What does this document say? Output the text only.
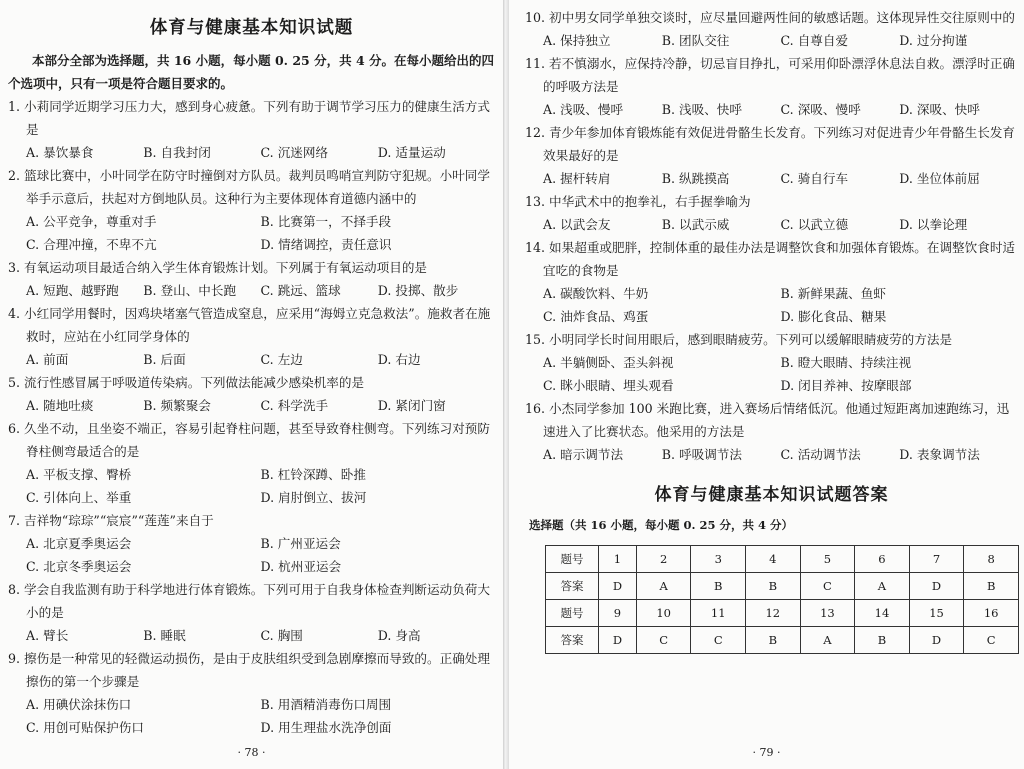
体育与健康基本知识试题

本部分全部为选择题，共 16 小题，每小题 0. 25 分，共 4 分。在每小题给出的四个选项中，只有一项是符合题目要求的。

1. 小莉同学近期学习压力大，感到身心疲惫。下列有助于调节学习压力的健康生活方式是

A. 暴饮暴食	B. 自我封闭	C. 沉迷网络	D. 适量运动

2. 篮球比赛中，小叶同学在防守时撞倒对方队员。裁判员鸣哨宣判防守犯规。小叶同学举手示意后，扶起对方倒地队员。这种行为主要体现体育道德内涵中的

A. 公平竞争，尊重对手	B. 比赛第一，不择手段
C. 合理冲撞，不卑不亢	D. 情绪调控，责任意识

3. 有氧运动项目最适合纳入学生体育锻炼计划。下列属于有氧运动项目的是

A. 短跑、越野跑	B. 登山、中长跑	C. 跳远、篮球	D. 投掷、散步

4. 小红同学用餐时，因鸡块堵塞气管造成窒息，应采用“海姆立克急救法”。施救者在施救时，应站在小红同学身体的

A. 前面	B. 后面	C. 左边	D. 右边

5. 流行性感冒属于呼吸道传染病。下列做法能减少感染机率的是

A. 随地吐痰	B. 频繁聚会	C. 科学洗手	D. 紧闭门窗

6. 久坐不动，且坐姿不端正，容易引起脊柱问题，甚至导致脊柱侧弯。下列练习对预防脊柱侧弯最适合的是

A. 平板支撑、臀桥	B. 杠铃深蹲、卧推
C. 引体向上、举重	D. 肩肘倒立、拔河

7. 吉祥物“琮琮”“宸宸”“莲莲”来自于

A. 北京夏季奥运会	B. 广州亚运会
C. 北京冬季奥运会	D. 杭州亚运会

8. 学会自我监测有助于科学地进行体育锻炼。下列可用于自我身体检查判断运动负荷大小的是

A. 臂长	B. 睡眠	C. 胸围	D. 身高

9. 擦伤是一种常见的轻微运动损伤，是由于皮肤组织受到急剧摩擦而导致的。正确处理擦伤的第一个步骤是

A. 用碘伏涂抹伤口	B. 用酒精消毒伤口周围
C. 用创可贴保护伤口	D. 用生理盐水洗净创面
· 78 ·

10. 初中男女同学单独交谈时，应尽量回避两性间的敏感话题。这体现异性交往原则中的

A. 保持独立	B. 团队交往	C. 自尊自爱	D. 过分拘谨

11. 若不慎溺水，应保持冷静，切忌盲目挣扎，可采用仰卧漂浮休息法自救。漂浮时正确的呼吸方法是

A. 浅吸、慢呼	B. 浅吸、快呼	C. 深吸、慢呼	D. 深吸、快呼

12. 青少年参加体育锻炼能有效促进骨骼生长发育。下列练习对促进青少年骨骼生长发育效果最好的是

A. 握杆转肩	B. 纵跳摸高	C. 骑自行车	D. 坐位体前屈

13. 中华武术中的抱拳礼，右手握拳喻为

A. 以武会友	B. 以武示威	C. 以武立德	D. 以拳论理

14. 如果超重或肥胖，控制体重的最佳办法是调整饮食和加强体育锻炼。在调整饮食时适宜吃的食物是

A. 碳酸饮料、牛奶	B. 新鲜果蔬、鱼虾
C. 油炸食品、鸡蛋	D. 膨化食品、糖果

15. 小明同学长时间用眼后，感到眼睛疲劳。下列可以缓解眼睛疲劳的方法是

A. 半躺侧卧、歪头斜视	B. 瞪大眼睛、持续注视
C. 眯小眼睛、埋头观看	D. 闭目养神、按摩眼部

16. 小杰同学参加 100 米跑比赛，进入赛场后情绪低沉。他通过短距离加速跑练习，迅速进入了比赛状态。他采用的方法是

A. 暗示调节法	B. 呼吸调节法	C. 活动调节法	D. 表象调节法
体育与健康基本知识试题答案

选择题（共 16 小题，每小题 0. 25 分，共 4 分）

题号	1	2	3	4	5	6	7	8
答案	D	A	B	B	C	A	D	B
题号	9	10	11	12	13	14	15	16
答案	D	C	C	B	A	B	D	C
· 79 ·
